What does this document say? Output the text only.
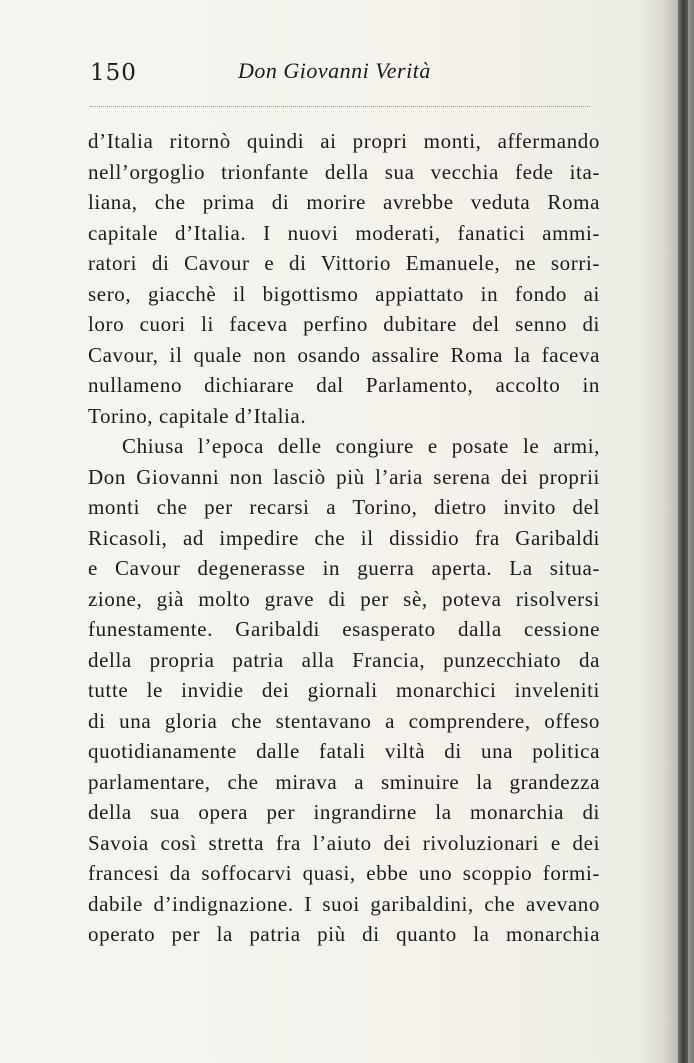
150	Don Giovanni Verità
d’Italia ritornò quindi ai propri monti, affermando
nell’orgoglio trionfante della sua vecchia fede ita-
liana, che prima di morire avrebbe veduta Roma
capitale d’Italia. I nuovi moderati, fanatici ammi-
ratori di Cavour e di Vittorio Emanuele, ne sorri-
sero, giacchè il bigottismo appiattato in fondo ai
loro cuori li faceva perfino dubitare del senno di
Cavour, il quale non osando assalire Roma la faceva
nullameno dichiarare dal Parlamento, accolto in
Torino, capitale d’Italia.
Chiusa l’epoca delle congiure e posate le armi,
Don Giovanni non lasciò più l’aria serena dei proprii
monti che per recarsi a Torino, dietro invito del
Ricasoli, ad impedire che il dissidio fra Garibaldi
e Cavour degenerasse in guerra aperta. La situa-
zione, già molto grave di per sè, poteva risolversi
funestamente. Garibaldi esasperato dalla cessione
della propria patria alla Francia, punzecchiato da
tutte le invidie dei giornali monarchici inveleniti
di una gloria che stentavano a comprendere, offeso
quotidianamente dalle fatali viltà di una politica
parlamentare, che mirava a sminuire la grandezza
della sua opera per ingrandirne la monarchia di
Savoia così stretta fra l’aiuto dei rivoluzionari e dei
francesi da soffocarvi quasi, ebbe uno scoppio formi-
dabile d’indignazione. I suoi garibaldini, che avevano
operato per la patria più di quanto la monarchia
